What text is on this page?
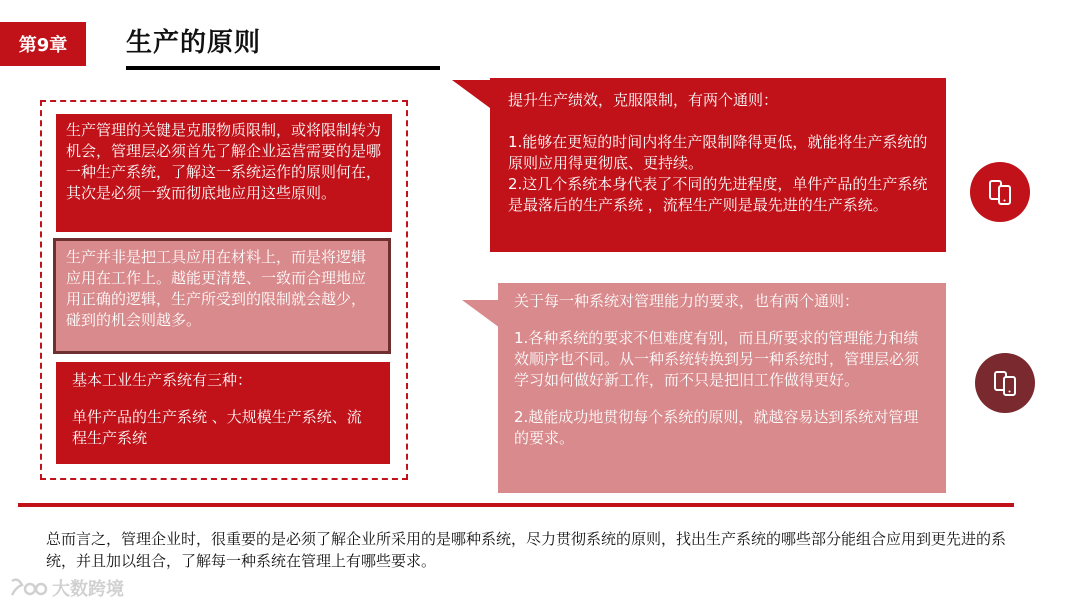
第9章	生产的原则

生产管理的关键是克服物质限制，或将限制转为机会，管理层必须首先了解企业运营需要的是哪一种生产系统，了解这一系统运作的原则何在，其次是必须一致而彻底地应用这些原则。

生产并非是把工具应用在材料上，而是将逻辑应用在工作上。越能更清楚、一致而合理地应用正确的逻辑，生产所受到的限制就会越少，碰到的机会则越多。

基本工业生产系统有三种：

单件产品的生产系统 、大规模生产系统、流程生产系统

提升生产绩效，克服限制，有两个通则：

1.能够在更短的时间内将生产限制降得更低，就能将生产系统的原则应用得更彻底、更持续。

2.这几个系统本身代表了不同的先进程度，单件产品的生产系统是最落后的生产系统 ，流程生产则是最先进的生产系统。

关于每一种系统对管理能力的要求，也有两个通则：

1.各种系统的要求不但难度有别，而且所要求的管理能力和绩效顺序也不同。从一种系统转换到另一种系统时，管理层必须学习如何做好新工作，而不只是把旧工作做得更好。

2.越能成功地贯彻每个系统的原则，就越容易达到系统对管理的要求。

总而言之，管理企业时，很重要的是必须了解企业所采用的是哪种系统，尽力贯彻系统的原则，找出生产系统的哪些部分能组合应用到更先进的系统，并且加以组合，了解每一种系统在管理上有哪些要求。
大数跨境
